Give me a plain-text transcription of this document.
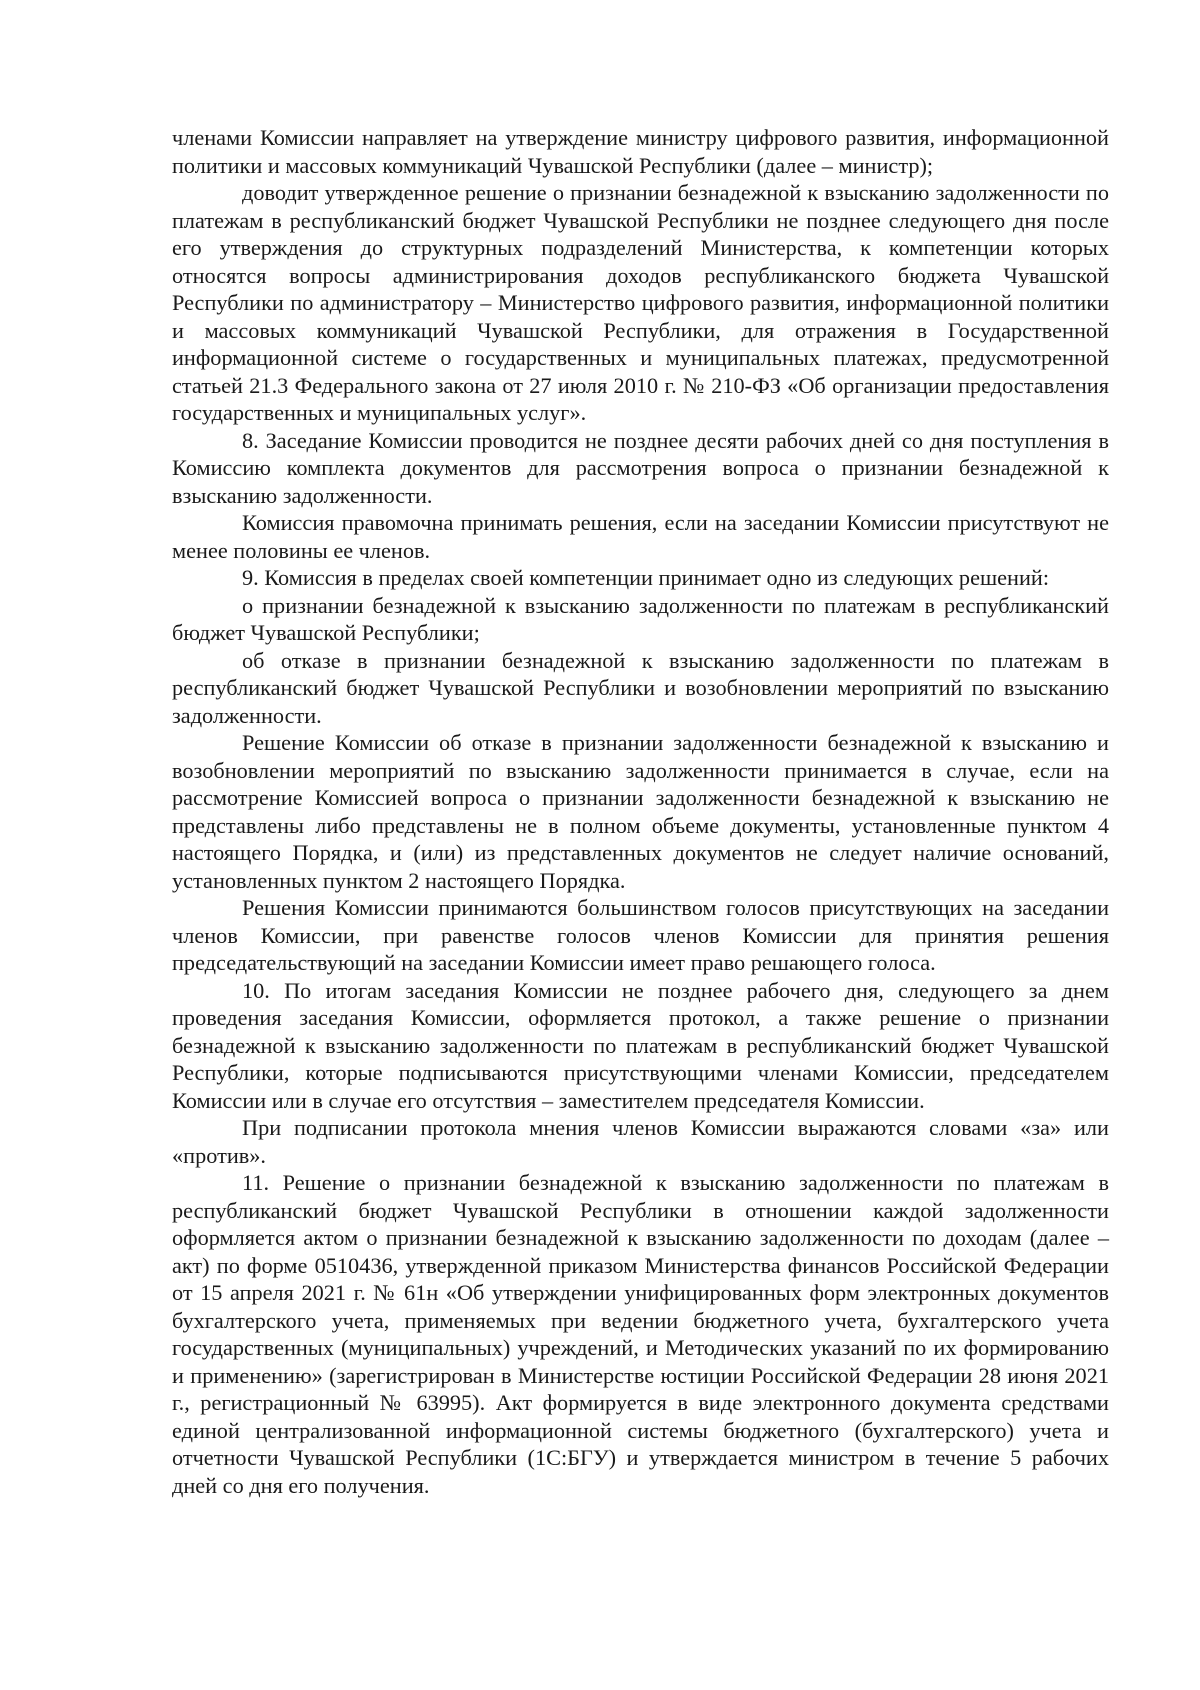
членами Комиссии направляет на утверждение министру цифрового развития, информационной политики и массовых коммуникаций Чувашской Республики (далее – министр);

доводит утвержденное решение о признании безнадежной к взысканию задолженности по платежам в республиканский бюджет Чувашской Республики не позднее следующего дня после его утверждения до структурных подразделений Министерства, к компетенции которых относятся вопросы администрирования доходов республиканского бюджета Чувашской Республики по администратору – Министерство цифрового развития, информационной политики и массовых коммуникаций Чувашской Республики, для отражения в Государственной информационной системе о государственных и муниципальных платежах, предусмотренной статьей 21.3 Федерального закона от 27 июля 2010 г. № 210-ФЗ «Об организации предоставления государственных и муниципальных услуг».

8. Заседание Комиссии проводится не позднее десяти рабочих дней со дня поступления в Комиссию комплекта документов для рассмотрения вопроса о признании безнадежной к взысканию задолженности.

Комиссия правомочна принимать решения, если на заседании Комиссии присутствуют не менее половины ее членов.

9. Комиссия в пределах своей компетенции принимает одно из следующих решений:

о признании безнадежной к взысканию задолженности по платежам в республиканский бюджет Чувашской Республики;

об отказе в признании безнадежной к взысканию задолженности по платежам в республиканский бюджет Чувашской Республики и возобновлении мероприятий по взысканию задолженности.

Решение Комиссии об отказе в признании задолженности безнадежной к взысканию и возобновлении мероприятий по взысканию задолженности принимается в случае, если на рассмотрение Комиссией вопроса о признании задолженности безнадежной к взысканию не представлены либо представлены не в полном объеме документы, установленные пунктом 4 настоящего Порядка, и (или) из представленных документов не следует наличие оснований, установленных пунктом 2 настоящего Порядка.

Решения Комиссии принимаются большинством голосов присутствующих на заседании членов Комиссии, при равенстве голосов членов Комиссии для принятия решения председательствующий на заседании Комиссии имеет право решающего голоса.

10. По итогам заседания Комиссии не позднее рабочего дня, следующего за днем проведения заседания Комиссии, оформляется протокол, а также решение о признании безнадежной к взысканию задолженности по платежам в республиканский бюджет Чувашской Республики, которые подписываются присутствующими членами Комиссии, председателем Комиссии или в случае его отсутствия – заместителем председателя Комиссии.

При подписании протокола мнения членов Комиссии выражаются словами «за» или «против».

11. Решение о признании безнадежной к взысканию задолженности по платежам в республиканский бюджет Чувашской Республики в отношении каждой задолженности оформляется актом о признании безнадежной к взысканию задолженности по доходам (далее – акт) по форме 0510436, утвержденной приказом Министерства финансов Российской Федерации от 15 апреля 2021 г. № 61н «Об утверждении унифицированных форм электронных документов бухгалтерского учета, применяемых при ведении бюджетного учета, бухгалтерского учета государственных (муниципальных) учреждений, и Методических указаний по их формированию и применению» (зарегистрирован в Министерстве юстиции Российской Федерации 28 июня 2021 г., регистрационный № 63995). Акт формируется в виде электронного документа средствами единой централизованной информационной системы бюджетного (бухгалтерского) учета и отчетности Чувашской Республики (1С:БГУ) и утверждается министром в течение 5 рабочих дней со дня его получения.
